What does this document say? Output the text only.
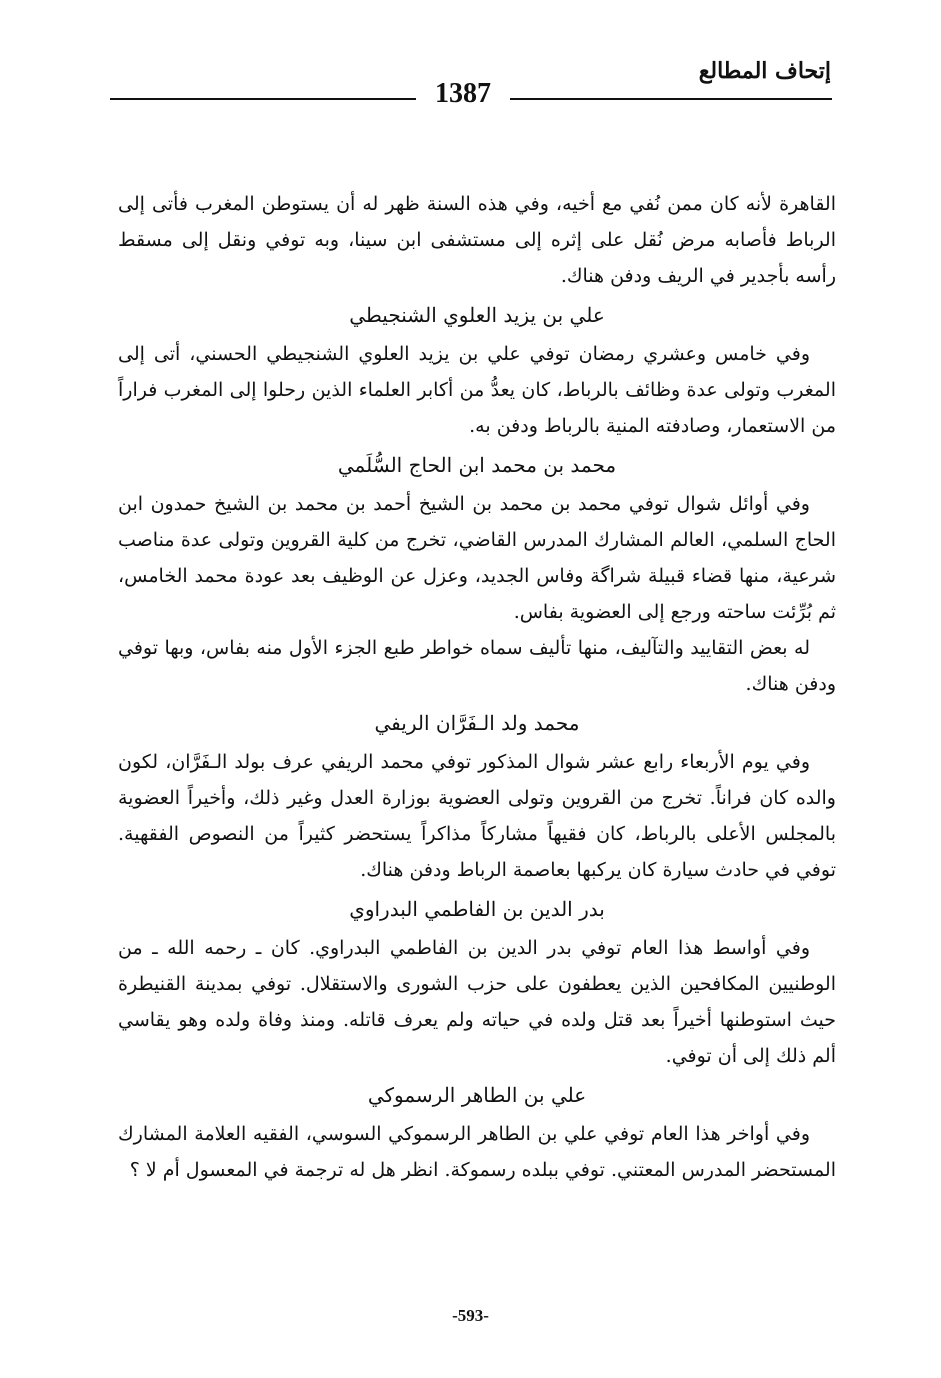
إتحاف المطالع
1387

القاهرة لأنه كان ممن نُفي مع أخيه، وفي هذه السنة ظهر له أن يستوطن المغرب فأتى إلى الرباط فأصابه مرض نُقل على إثره إلى مستشفى ابن سينا، وبه توفي ونقل إلى مسقط رأسه بأجدير في الريف ودفن هناك.

علي بن يزيد العلوي الشنجيطي

وفي خامس وعشري رمضان توفي علي بن يزيد العلوي الشنجيطي الحسني، أتى إلى المغرب وتولى عدة وظائف بالرباط، كان يعدُّ من أكابر العلماء الذين رحلوا إلى المغرب فراراً من الاستعمار، وصادفته المنية بالرباط ودفن به.

محمد بن محمد ابن الحاج السُّلَمي

وفي أوائل شوال توفي محمد بن محمد بن الشيخ أحمد بن محمد بن الشيخ حمدون ابن الحاج السلمي، العالم المشارك المدرس القاضي، تخرج من كلية القروين وتولى عدة مناصب شرعية، منها قضاء قبيلة شراگة وفاس الجديد، وعزل عن الوظيف بعد عودة محمد الخامس، ثم بُرِّئت ساحته ورجع إلى العضوية بفاس.

له بعض التقاييد والتآليف، منها تأليف سماه خواطر طبع الجزء الأول منه بفاس، وبها توفي ودفن هناك.

محمد ولد الـفَرَّان الريفي

وفي يوم الأربعاء رابع عشر شوال المذكور توفي محمد الريفي عرف بولد الـفَرَّان، لكون والده كان فراناً. تخرج من القروين وتولى العضوية بوزارة العدل وغير ذلك، وأخيراً العضوية بالمجلس الأعلى بالرباط، كان فقيهاً مشاركاً مذاكراً يستحضر كثيراً من النصوص الفقهية. توفي في حادث سيارة كان يركبها بعاصمة الرباط ودفن هناك.

بدر الدين بن الفاطمي البدراوي

وفي أواسط هذا العام توفي بدر الدين بن الفاطمي البدراوي. كان ـ رحمه الله ـ من الوطنيين المكافحين الذين يعطفون على حزب الشورى والاستقلال. توفي بمدينة القنيطرة حيث استوطنها أخيراً بعد قتل ولده في حياته ولم يعرف قاتله. ومنذ وفاة ولده وهو يقاسي ألم ذلك إلى أن توفي.

علي بن الطاهر الرسموكي

وفي أواخر هذا العام توفي علي بن الطاهر الرسموكي السوسي، الفقيه العلامة المشارك المستحضر المدرس المعتني. توفي ببلده رسموكة. انظر هل له ترجمة في المعسول أم لا ؟

-593-
